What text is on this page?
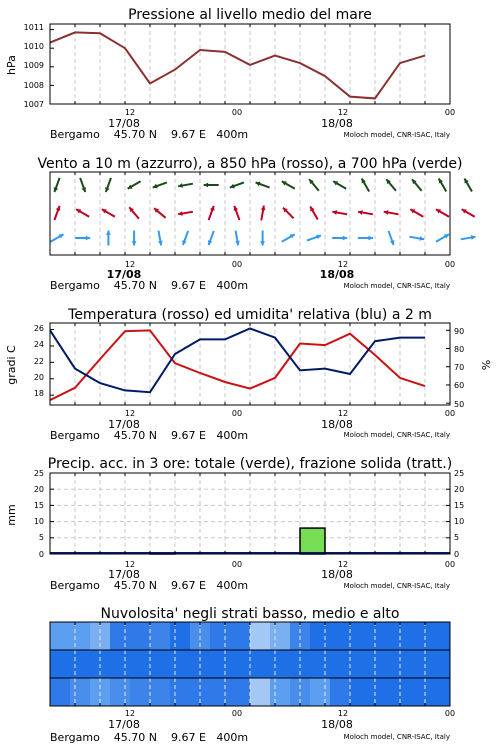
Pressione al livello medio del mare
hPa
1011
1010
1009
1008
1007
12	00	12	00
17/08	18/08
Bergamo    45.70 N    9.67 E   400m	Moloch model, CNR-ISAC, Italy
Vento a 10 m (azzurro), a 850 hPa (rosso), a 700 hPa (verde)
12	00	12	00
17/08	18/08
Bergamo    45.70 N    9.67 E   400m	Moloch model, CNR-ISAC, Italy
Temperatura (rosso) ed umidita' relativa (blu) a 2 m
gradi C	%
26
24
22
20
18
90
80
70
60
50
12	00	12	00
17/08	18/08
Bergamo    45.70 N    9.67 E   400m	Moloch model, CNR-ISAC, Italy
Precip. acc. in 3 ore: totale (verde), frazione solida (tratt.)
mm
25
20
15
10
5
0
25
20
15
10
5
0
12	00	12	00
17/08	18/08
Bergamo    45.70 N    9.67 E   400m	Moloch model, CNR-ISAC, Italy
Nuvolosita' negli strati basso, medio e alto
12	00	12	00
17/08	18/08
Bergamo    45.70 N    9.67 E   400m	Moloch model, CNR-ISAC, Italy
